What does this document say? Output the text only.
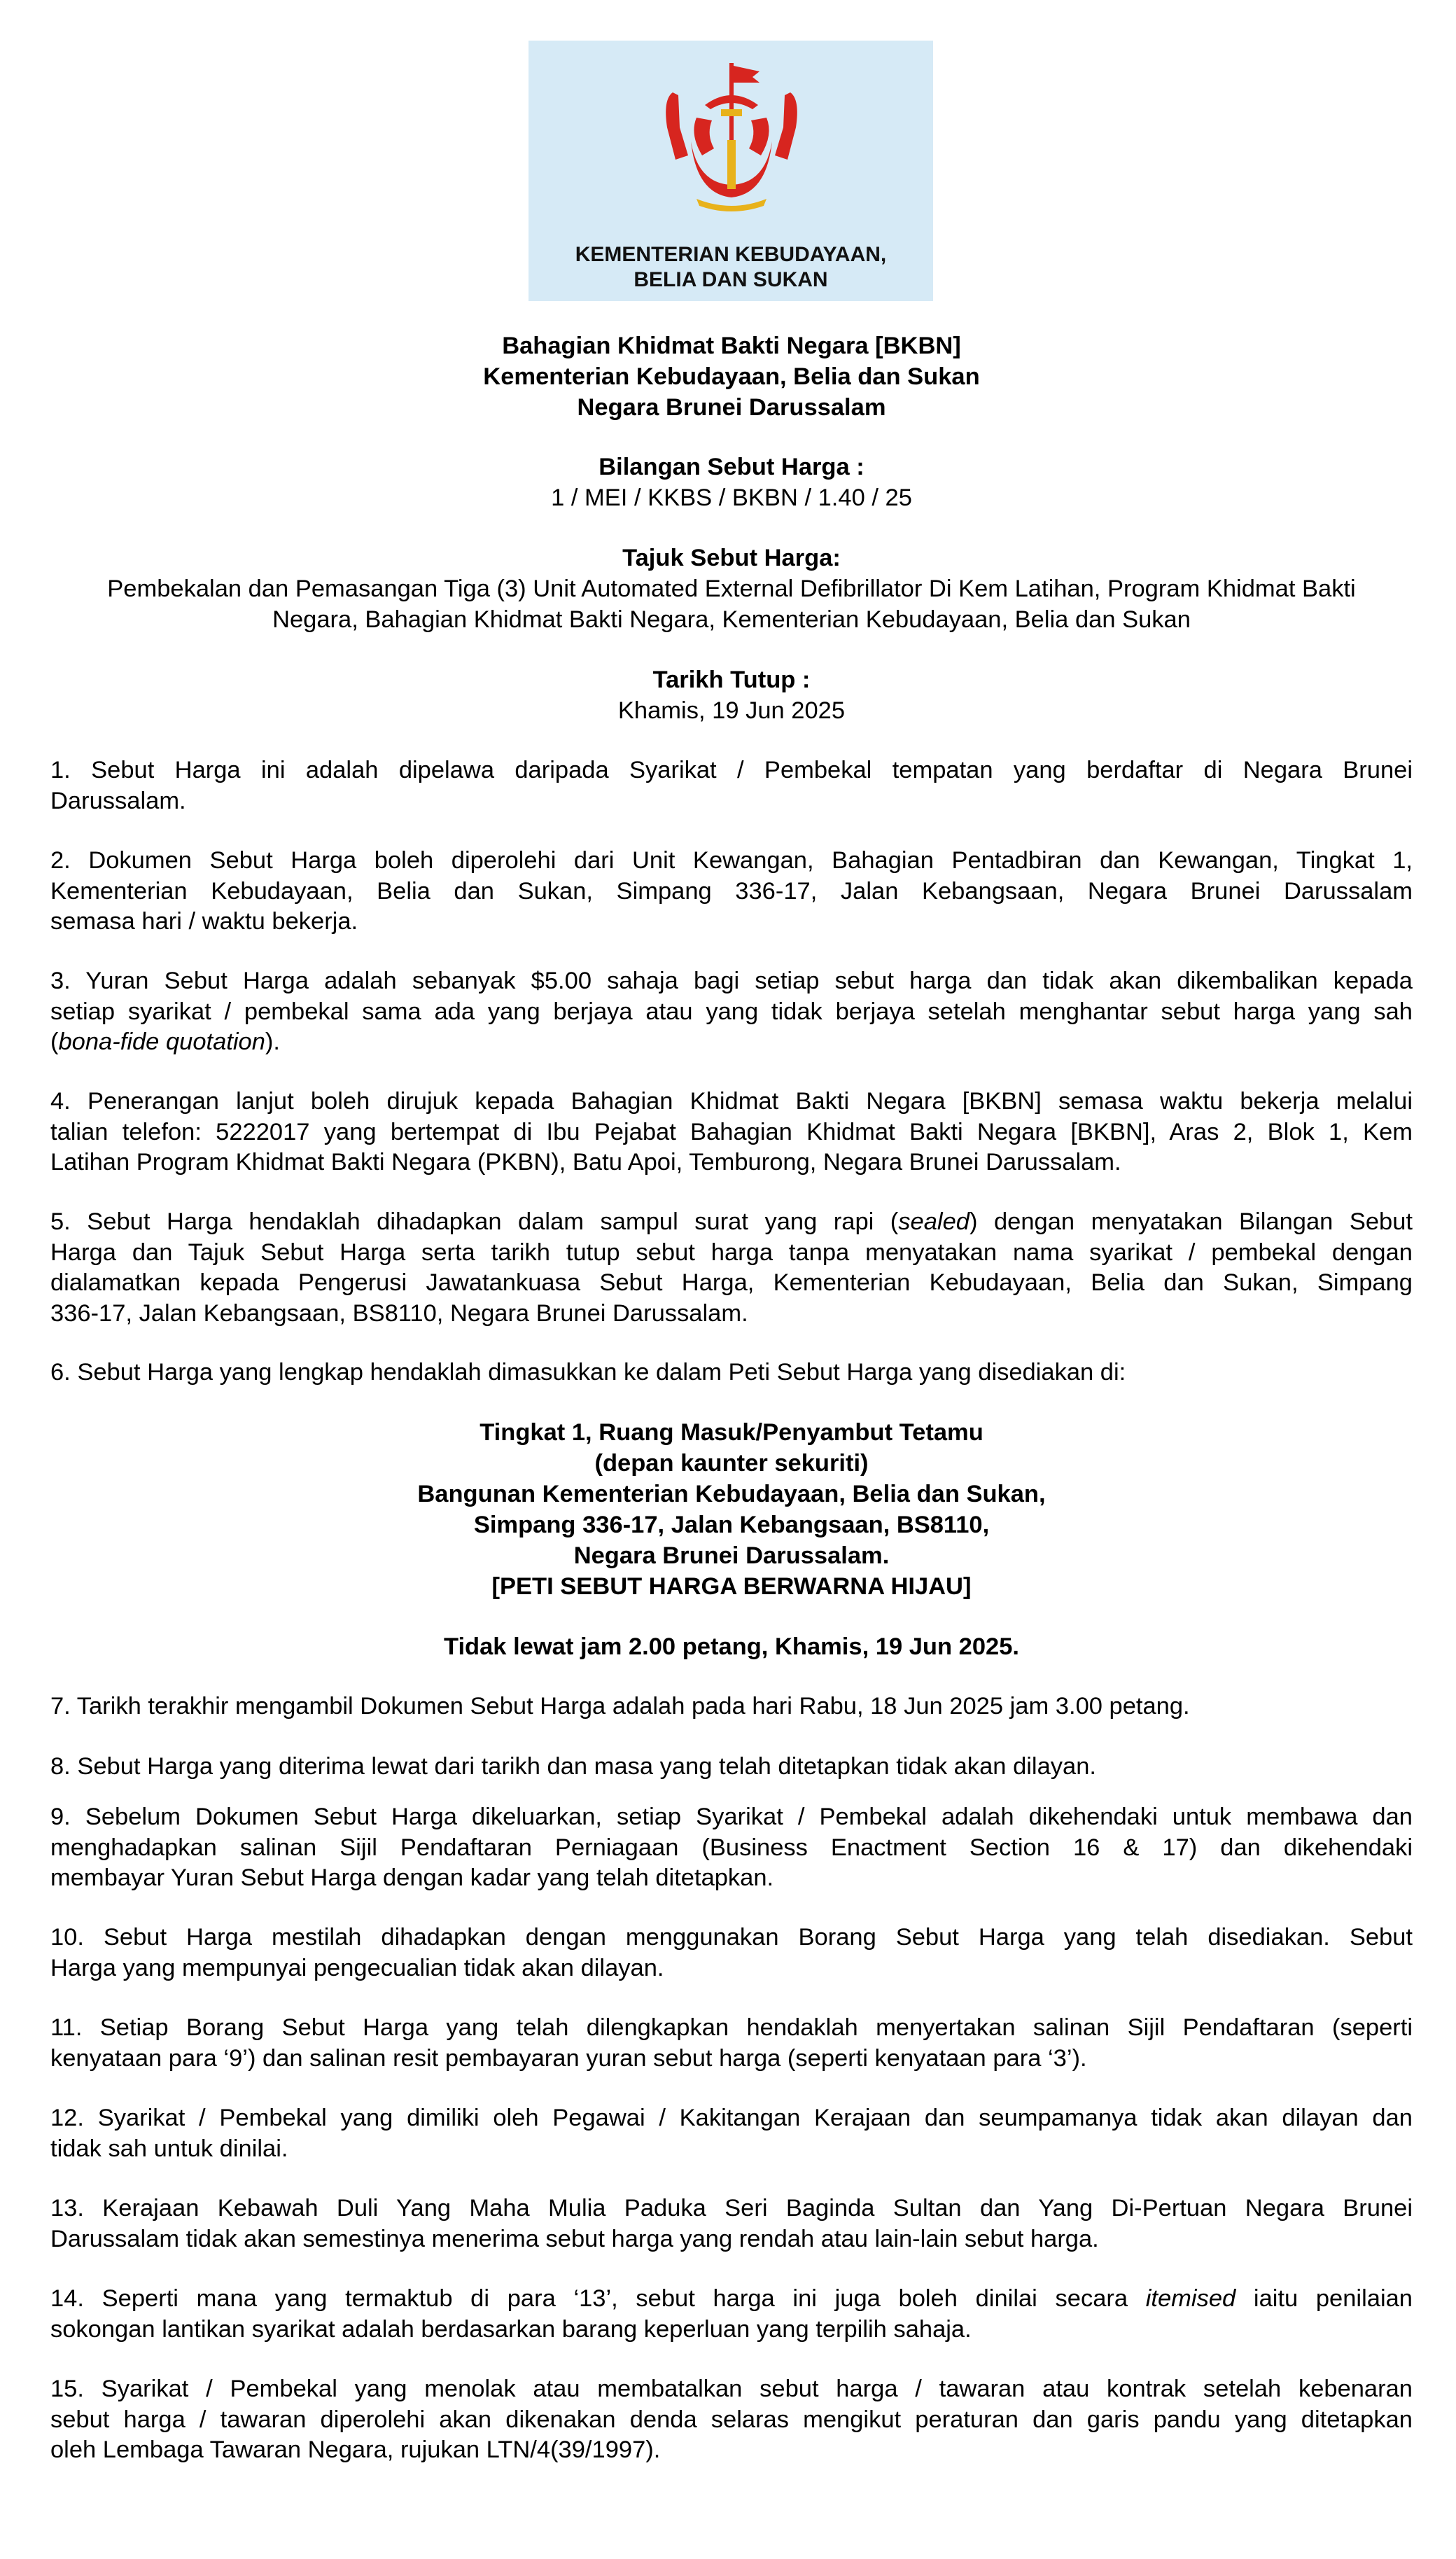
KEMENTERIAN KEBUDAYAAN,
BELIA DAN SUKAN
Bahagian Khidmat Bakti Negara [BKBN]
Kementerian Kebudayaan, Belia dan Sukan
Negara Brunei Darussalam
Bilangan Sebut Harga :
1 / MEI / KKBS / BKBN / 1.40 / 25
Tajuk Sebut Harga:
Pembekalan dan Pemasangan Tiga (3) Unit Automated External Defibrillator Di Kem Latihan, Program Khidmat Bakti
Negara, Bahagian Khidmat Bakti Negara, Kementerian Kebudayaan, Belia dan Sukan
Tarikh Tutup :
Khamis, 19 Jun 2025
1. Sebut Harga ini adalah dipelawa daripada Syarikat / Pembekal tempatan yang berdaftar di Negara Brunei
Darussalam.
2. Dokumen Sebut Harga boleh diperolehi dari Unit Kewangan, Bahagian Pentadbiran dan Kewangan, Tingkat 1,
Kementerian Kebudayaan, Belia dan Sukan, Simpang 336-17, Jalan Kebangsaan, Negara Brunei Darussalam
semasa hari / waktu bekerja.
3. Yuran Sebut Harga adalah sebanyak $5.00 sahaja bagi setiap sebut harga dan tidak akan dikembalikan kepada
setiap syarikat / pembekal sama ada yang berjaya atau yang tidak berjaya setelah menghantar sebut harga yang sah
(bona-fide quotation).
4. Penerangan lanjut boleh dirujuk kepada Bahagian Khidmat Bakti Negara [BKBN] semasa waktu bekerja melalui
talian telefon: 5222017 yang bertempat di Ibu Pejabat Bahagian Khidmat Bakti Negara [BKBN], Aras 2, Blok 1, Kem
Latihan Program Khidmat Bakti Negara (PKBN), Batu Apoi, Temburong, Negara Brunei Darussalam.
5. Sebut Harga hendaklah dihadapkan dalam sampul surat yang rapi (sealed) dengan menyatakan Bilangan Sebut
Harga dan Tajuk Sebut Harga serta tarikh tutup sebut harga tanpa menyatakan nama syarikat / pembekal dengan
dialamatkan kepada Pengerusi Jawatankuasa Sebut Harga, Kementerian Kebudayaan, Belia dan Sukan, Simpang
336-17, Jalan Kebangsaan, BS8110, Negara Brunei Darussalam.
6. Sebut Harga yang lengkap hendaklah dimasukkan ke dalam Peti Sebut Harga yang disediakan di:
Tingkat 1, Ruang Masuk/Penyambut Tetamu
(depan kaunter sekuriti)
Bangunan Kementerian Kebudayaan, Belia dan Sukan,
Simpang 336-17, Jalan Kebangsaan, BS8110,
Negara Brunei Darussalam.
[PETI SEBUT HARGA BERWARNA HIJAU]
Tidak lewat jam 2.00 petang, Khamis, 19 Jun 2025.
7. Tarikh terakhir mengambil Dokumen Sebut Harga adalah pada hari Rabu, 18 Jun 2025 jam 3.00 petang.
8. Sebut Harga yang diterima lewat dari tarikh dan masa yang telah ditetapkan tidak akan dilayan.
9. Sebelum Dokumen Sebut Harga dikeluarkan, setiap Syarikat / Pembekal adalah dikehendaki untuk membawa dan
menghadapkan salinan Sijil Pendaftaran Perniagaan (Business Enactment Section 16 & 17) dan dikehendaki
membayar Yuran Sebut Harga dengan kadar yang telah ditetapkan.
10. Sebut Harga mestilah dihadapkan dengan menggunakan Borang Sebut Harga yang telah disediakan. Sebut
Harga yang mempunyai pengecualian tidak akan dilayan.
11. Setiap Borang Sebut Harga yang telah dilengkapkan hendaklah menyertakan salinan Sijil Pendaftaran (seperti
kenyataan para ‘9’) dan salinan resit pembayaran yuran sebut harga (seperti kenyataan para ‘3’).
12. Syarikat / Pembekal yang dimiliki oleh Pegawai / Kakitangan Kerajaan dan seumpamanya tidak akan dilayan dan
tidak sah untuk dinilai.
13. Kerajaan Kebawah Duli Yang Maha Mulia Paduka Seri Baginda Sultan dan Yang Di-Pertuan Negara Brunei
Darussalam tidak akan semestinya menerima sebut harga yang rendah atau lain-lain sebut harga.
14. Seperti mana yang termaktub di para ‘13’, sebut harga ini juga boleh dinilai secara itemised iaitu penilaian
sokongan lantikan syarikat adalah berdasarkan barang keperluan yang terpilih sahaja.
15. Syarikat / Pembekal yang menolak atau membatalkan sebut harga / tawaran atau kontrak setelah kebenaran
sebut harga / tawaran diperolehi akan dikenakan denda selaras mengikut peraturan dan garis pandu yang ditetapkan
oleh Lembaga Tawaran Negara, rujukan LTN/4(39/1997).
